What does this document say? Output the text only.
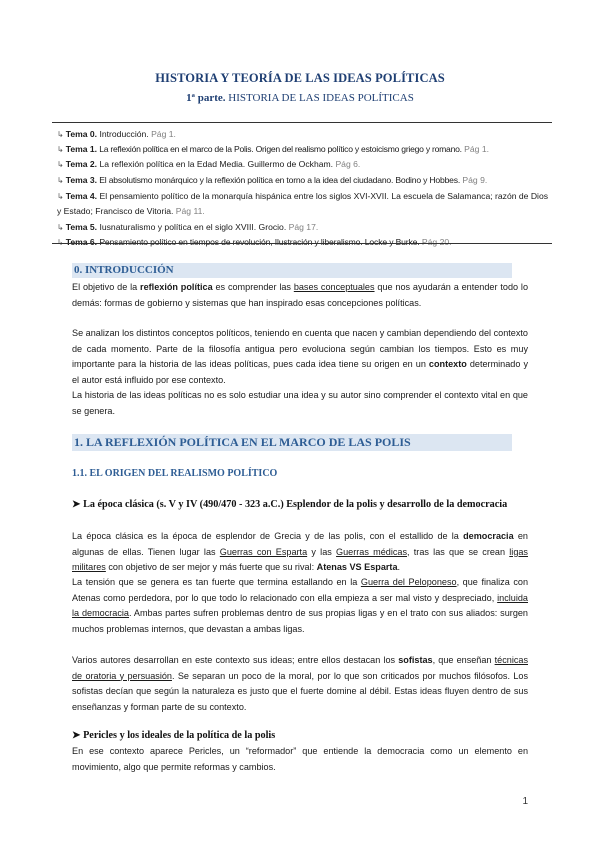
HISTORIA Y TEORÍA DE LAS IDEAS POLÍTICAS
1ª parte. HISTORIA DE LAS IDEAS POLÍTICAS
↳ Tema 0. Introducción. Pág 1.
↳ Tema 1. La reflexión política en el marco de la Polis. Origen del realismo político y estoicismo griego y romano. Pág 1.
↳ Tema 2. La reflexión política en la Edad Media. Guillermo de Ockham. Pág 6.
↳ Tema 3. El absolutismo monárquico y la reflexión política en torno a la idea del ciudadano. Bodino y Hobbes. Pág 9.
↳ Tema 4. El pensamiento político de la monarquía hispánica entre los siglos XVI-XVII. La escuela de Salamanca; razón de Dios y Estado; Francisco de Vitoria. Pág 11.
↳ Tema 5. Iusnaturalismo y política en el siglo XVIII. Grocio. Pág 17.
0. INTRODUCCIÓN
El objetivo de la reflexión política es comprender las bases conceptuales que nos ayudarán a entender todo lo demás: formas de gobierno y sistemas que han inspirado esas concepciones políticas.
Se analizan los distintos conceptos políticos, teniendo en cuenta que nacen y cambian dependiendo del contexto de cada momento. Parte de la filosofía antigua pero evoluciona según cambian los tiempos. Esto es muy importante para la historia de las ideas políticas, pues cada idea tiene su origen en un contexto determinado y el autor está influido por ese contexto.
La historia de las ideas políticas no es solo estudiar una idea y su autor sino comprender el contexto vital en que se genera.
1. LA REFLEXIÓN POLÍTICA EN EL MARCO DE LAS POLIS
1.1. EL ORIGEN DEL REALISMO POLÍTICO
➤ La época clásica (s. V y IV (490/470 - 323 a.C.) Esplendor de la polis y desarrollo de la democracia
La época clásica es la época de esplendor de Grecia y de las polis, con el estallido de la democracia en algunas de ellas. Tienen lugar las Guerras con Esparta y las Guerras médicas, tras las que se crean ligas militares con objetivo de ser mejor y más fuerte que su rival: Atenas VS Esparta.
La tensión que se genera es tan fuerte que termina estallando en la Guerra del Peloponeso, que finaliza con Atenas como perdedora, por lo que todo lo relacionado con ella empieza a ser mal visto y despreciado, incluida la democracia. Ambas partes sufren problemas dentro de sus propias ligas y en el trato con sus aliados: surgen muchos problemas internos, que devastan a ambas ligas.
Varios autores desarrollan en este contexto sus ideas; entre ellos destacan los sofistas, que enseñan técnicas de oratoria y persuasión. Se separan un poco de la moral, por lo que son criticados por muchos filósofos. Los sofistas decían que según la naturaleza es justo que el fuerte domine al débil. Estas ideas fluyen dentro de sus enseñanzas y forman parte de su contexto.
➤ Pericles y los ideales de la política de la polis
En ese contexto aparece Pericles, un “reformador” que entiende la democracia como un elemento en movimiento, algo que permite reformas y cambios.
1
